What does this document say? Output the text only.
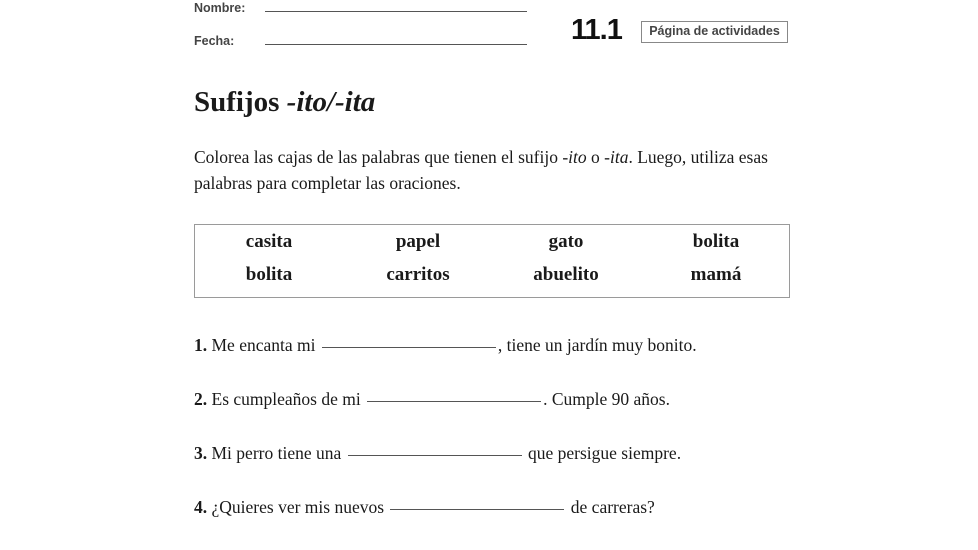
Nombre:
Fecha:	11.1	Página de actividades
Sufijos -ito/-ita

Colorea las cajas de las palabras que tienen el sufijo -ito o -ita. Luego, utiliza esas palabras para completar las oraciones.

casita	papel	gato	bolita
bolita	carritos	abuelito	mamá

1. Me encanta mi	, tiene un jardín muy bonito.

2. Es cumpleaños de mi	. Cumple 90 años.

3. Mi perro tiene una	que persigue siempre.

4. ¿Quieres ver mis nuevos	de carreras?
